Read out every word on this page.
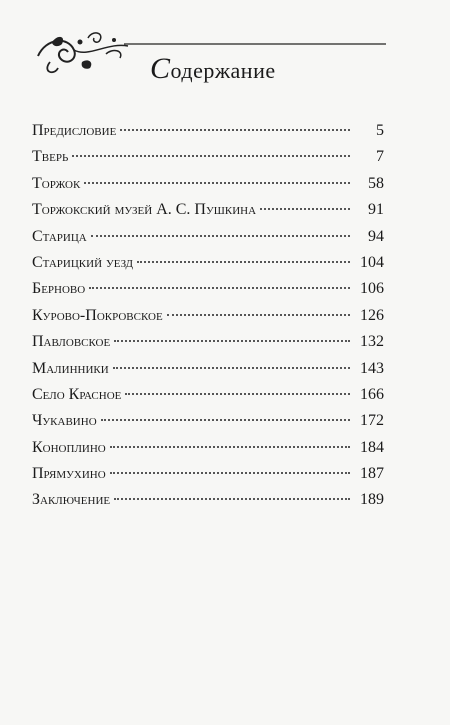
Содержание

Предисловие	5
Тверь	7
Торжок	58
Торжокский музей А. С. Пушкина	91
Старица	94
Старицкий уезд	104
Берново	106
Курово-Покровское	126
Павловское	132
Малинники	143
Село Красное	166
Чукавино	172
Коноплино	184
Прямухино	187
Заключение	189
